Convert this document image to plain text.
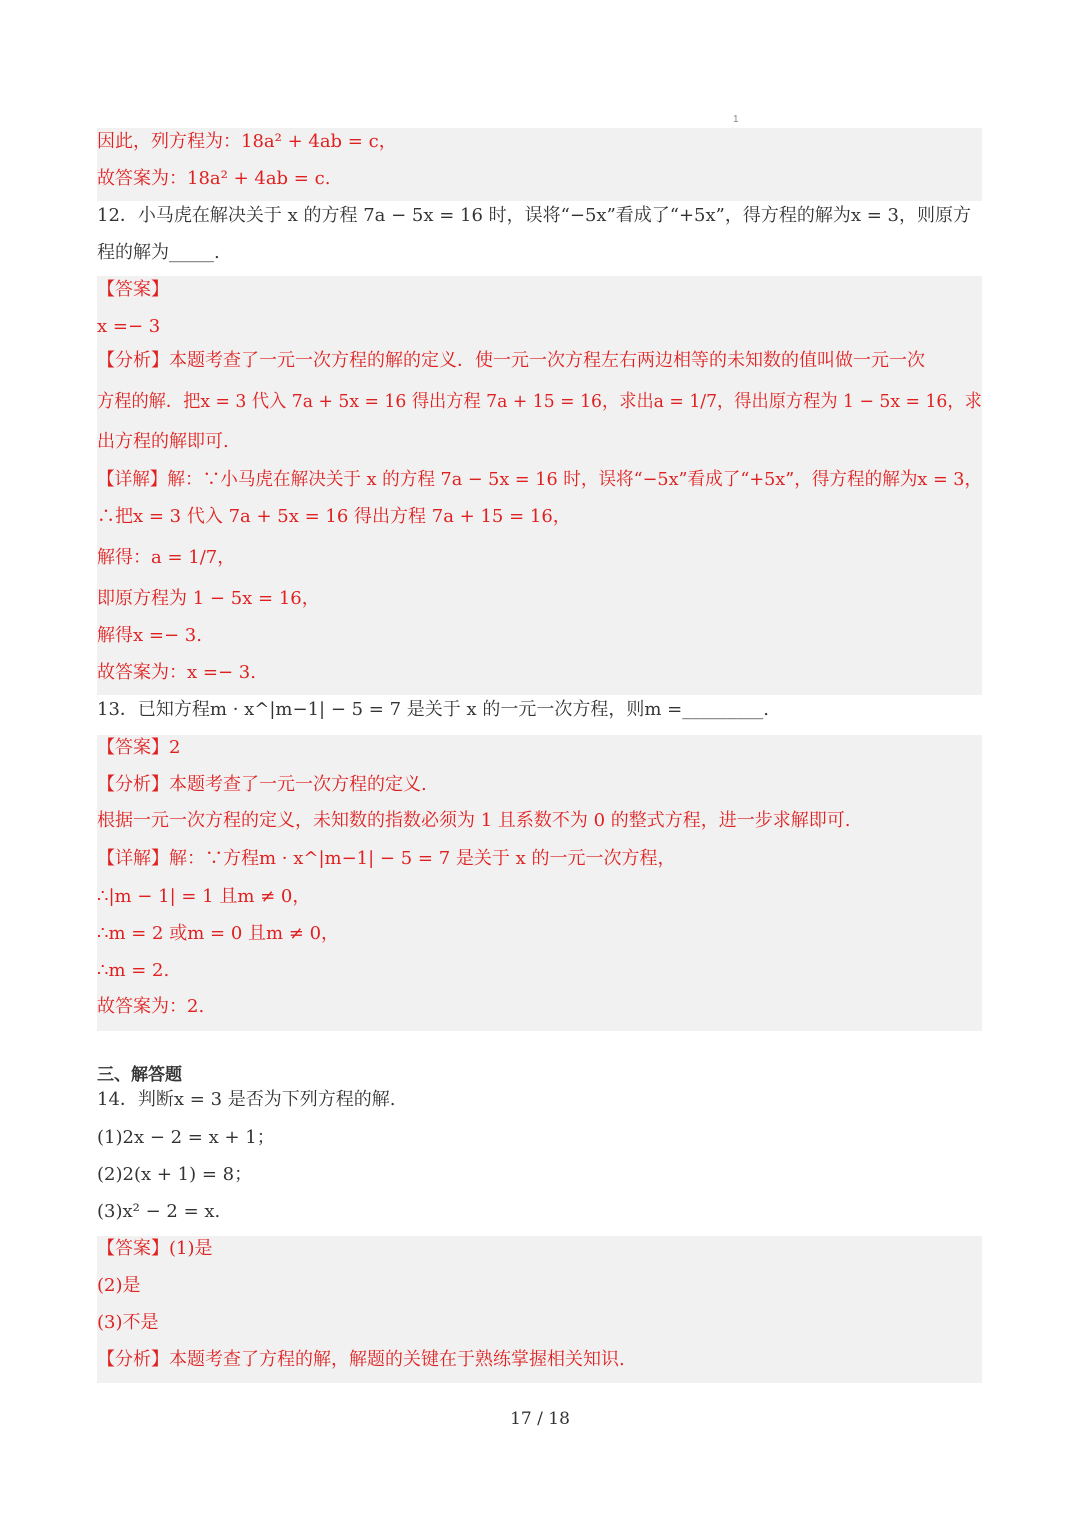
1
因此，列方程为：18a² + 4ab = c，
故答案为：18a² + 4ab = c.
12．小马虎在解决关于 x 的方程 7a − 5x = 16 时，误将“−5x”看成了“+5x”，得方程的解为x = 3，则原方
程的解为_____.
【答案】
x =− 3
【分析】本题考查了一元一次方程的解的定义．使一元一次方程左右两边相等的未知数的值叫做一元一次
方程的解．把x = 3 代入 7a + 5x = 16 得出方程 7a + 15 = 16，求出a = 1/7，得出原方程为 1 − 5x = 16，求
出方程的解即可.
【详解】解：∵小马虎在解决关于 x 的方程 7a − 5x = 16 时，误将“−5x”看成了“+5x”，得方程的解为x = 3，
∴把x = 3 代入 7a + 5x = 16 得出方程 7a + 15 = 16，
解得：a = 1/7，
即原方程为 1 − 5x = 16，
解得x =− 3.
故答案为：x =− 3.
13．已知方程m · x^|m−1| − 5 = 7 是关于 x 的一元一次方程，则m =_________.
【答案】2
【分析】本题考查了一元一次方程的定义.
根据一元一次方程的定义，未知数的指数必须为 1 且系数不为 0 的整式方程，进一步求解即可.
【详解】解：∵方程m · x^|m−1| − 5 = 7 是关于 x 的一元一次方程，
∴|m − 1| = 1 且m ≠ 0，
∴m = 2 或m = 0 且m ≠ 0，
∴m = 2.
故答案为：2.
三、解答题
14．判断x = 3 是否为下列方程的解.
(1)2x − 2 = x + 1；
(2)2(x + 1) = 8；
(3)x² − 2 = x.
【答案】(1)是
(2)是
(3)不是
【分析】本题考查了方程的解，解题的关键在于熟练掌握相关知识.
17 / 18
